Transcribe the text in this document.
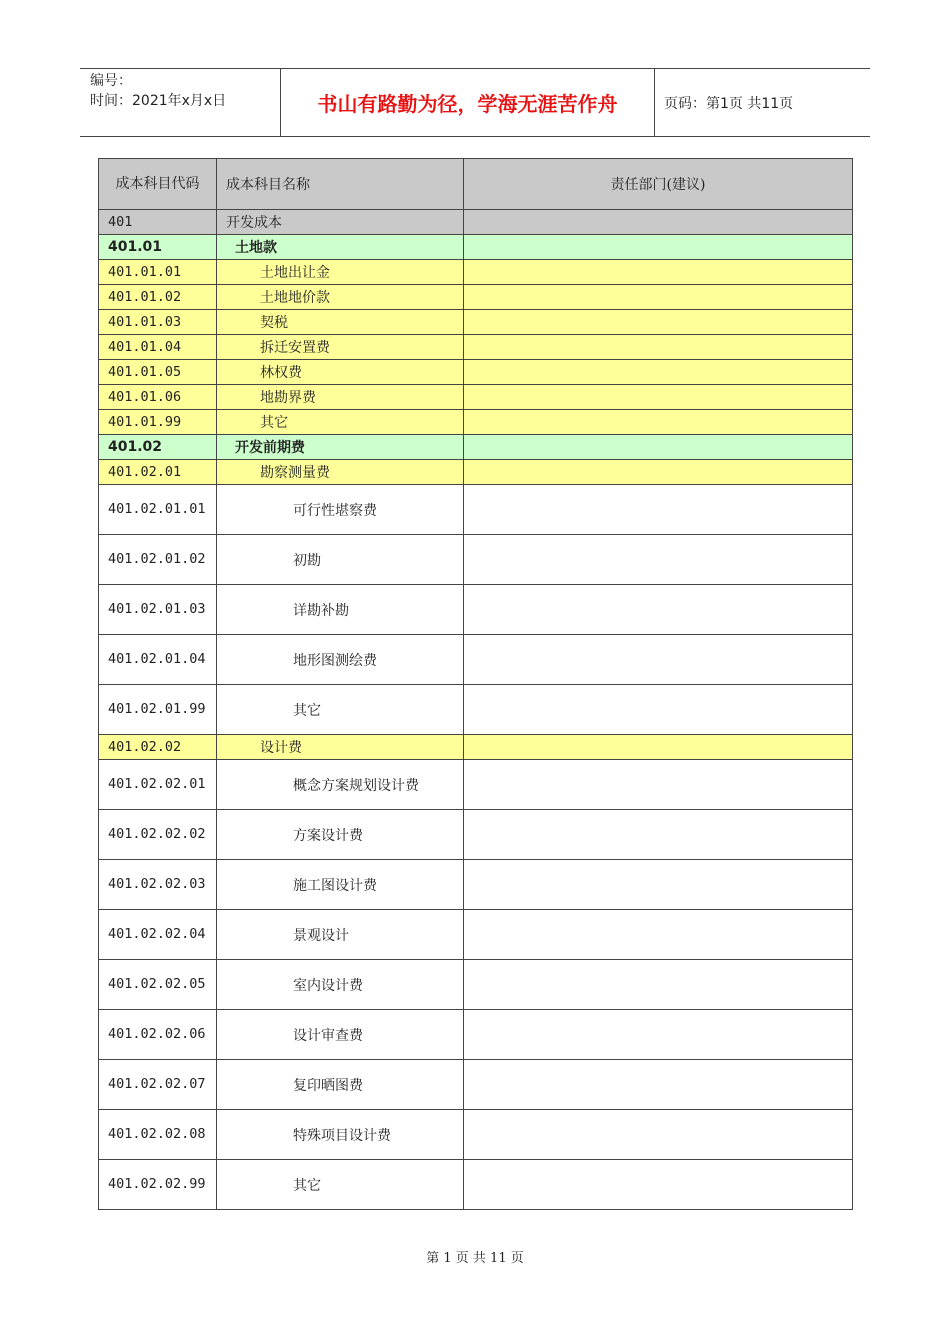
编号：
时间：2021年x月x日	书山有路勤为径，学海无涯苦作舟	页码：第1页 共11页
成本科目代码	成本科目名称	责任部门(建议)
401	开发成本	
401.01	土地款	
401.01.01	土地出让金	
401.01.02	土地地价款	
401.01.03	契税	
401.01.04	拆迁安置费	
401.01.05	林权费	
401.01.06	地勘界费	
401.01.99	其它	
401.02	开发前期费	
401.02.01	勘察测量费	
401.02.01.01	可行性堪察费	
401.02.01.02	初勘	
401.02.01.03	详勘补勘	
401.02.01.04	地形图测绘费	
401.02.01.99	其它	
401.02.02	设计费	
401.02.02.01	概念方案规划设计费	
401.02.02.02	方案设计费	
401.02.02.03	施工图设计费	
401.02.02.04	景观设计	
401.02.02.05	室内设计费	
401.02.02.06	设计审查费	
401.02.02.07	复印晒图费	
401.02.02.08	特殊项目设计费	
401.02.02.99	其它	
第 1 页 共 11 页
